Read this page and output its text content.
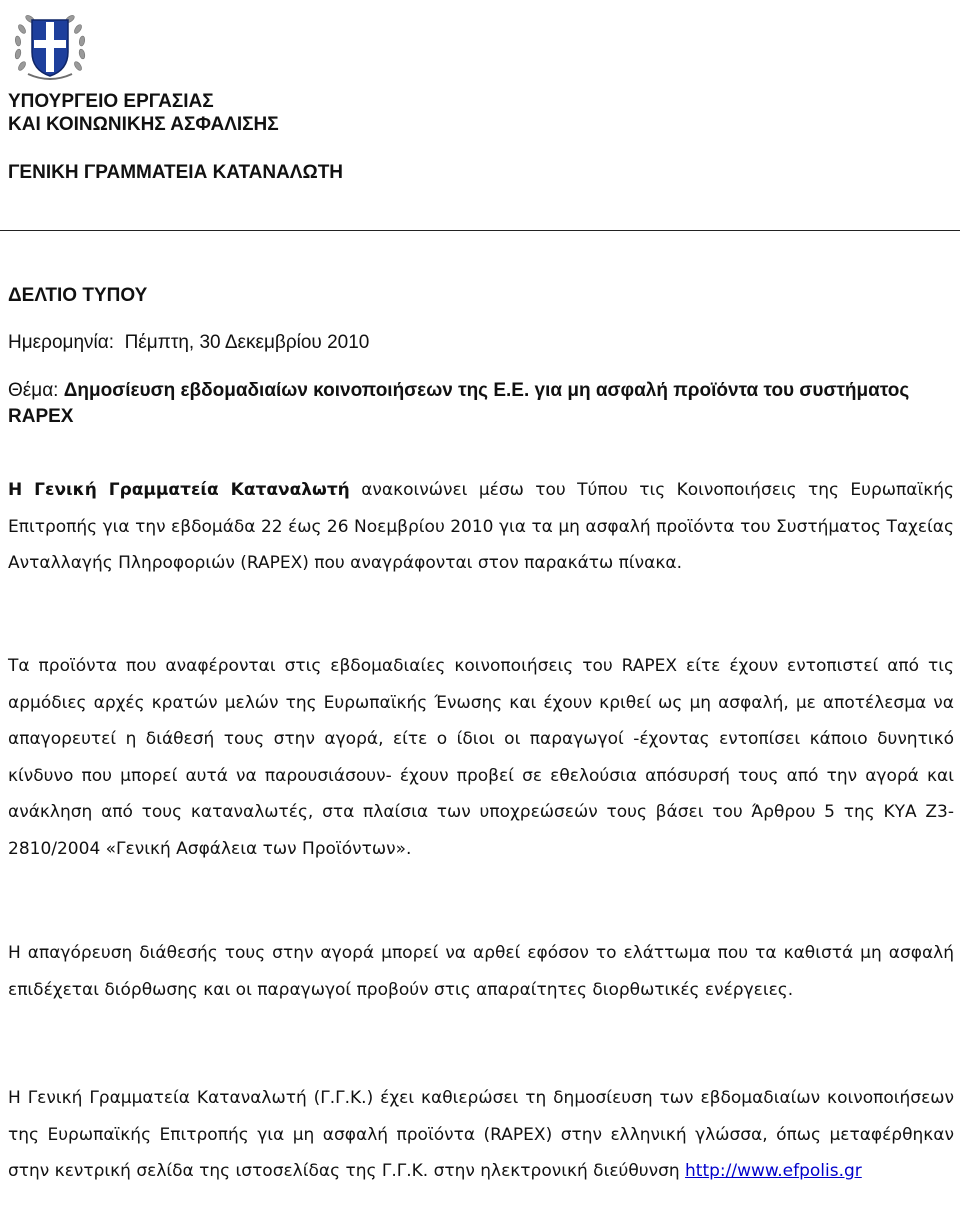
ΥΠΟΥΡΓΕΙΟ ΕΡΓΑΣΙΑΣ
ΚΑΙ ΚΟΙΝΩΝΙΚΗΣ ΑΣΦΑΛΙΣΗΣ
ΓΕΝΙΚΗ ΓΡΑΜΜΑΤΕΙΑ ΚΑΤΑΝΑΛΩΤΗ
ΔΕΛΤΙΟ ΤΥΠΟΥ
Ημερομηνία: Πέμπτη, 30 Δεκεμβρίου 2010
Θέμα: Δημοσίευση εβδομαδιαίων κοινοποιήσεων της Ε.Ε. για μη ασφαλή προϊόντα του συστήματος RAPEX
Η Γενική Γραμματεία Καταναλωτή ανακοινώνει μέσω του Τύπου τις Κοινοποιήσεις της Ευρωπαϊκής Επιτροπής για την εβδομάδα 22 έως 26 Νοεμβρίου 2010 για τα μη ασφαλή προϊόντα του Συστήματος Ταχείας Ανταλλαγής Πληροφοριών (RAPEX) που αναγράφονται στον παρακάτω πίνακα.
Τα προϊόντα που αναφέρονται στις εβδομαδιαίες κοινοποιήσεις του RAPEX είτε έχουν εντοπιστεί από τις αρμόδιες αρχές κρατών μελών της Ευρωπαϊκής Ένωσης και έχουν κριθεί ως μη ασφαλή, με αποτέλεσμα να απαγορευτεί η διάθεσή τους στην αγορά, είτε ο ίδιοι οι παραγωγοί -έχοντας εντοπίσει κάποιο δυνητικό κίνδυνο που μπορεί αυτά να παρουσιάσουν- έχουν προβεί σε εθελούσια απόσυρσή τους από την αγορά και ανάκληση από τους καταναλωτές, στα πλαίσια των υποχρεώσεών τους βάσει του Άρθρου 5 της ΚΥΑ Ζ3-2810/2004 «Γενική Ασφάλεια των Προϊόντων».
Η απαγόρευση διάθεσής τους στην αγορά μπορεί να αρθεί εφόσον το ελάττωμα που τα καθιστά μη ασφαλή επιδέχεται διόρθωσης και οι παραγωγοί προβούν στις απαραίτητες διορθωτικές ενέργειες.
Η Γενική Γραμματεία Καταναλωτή (Γ.Γ.Κ.) έχει καθιερώσει τη δημοσίευση των εβδομαδιαίων κοινοποιήσεων της Ευρωπαϊκής Επιτροπής για μη ασφαλή προϊόντα (RAPEX) στην ελληνική γλώσσα, όπως μεταφέρθηκαν στην κεντρική σελίδα της ιστοσελίδας της Γ.Γ.Κ. στην ηλεκτρονική διεύθυνση http://www.efpolis.gr
